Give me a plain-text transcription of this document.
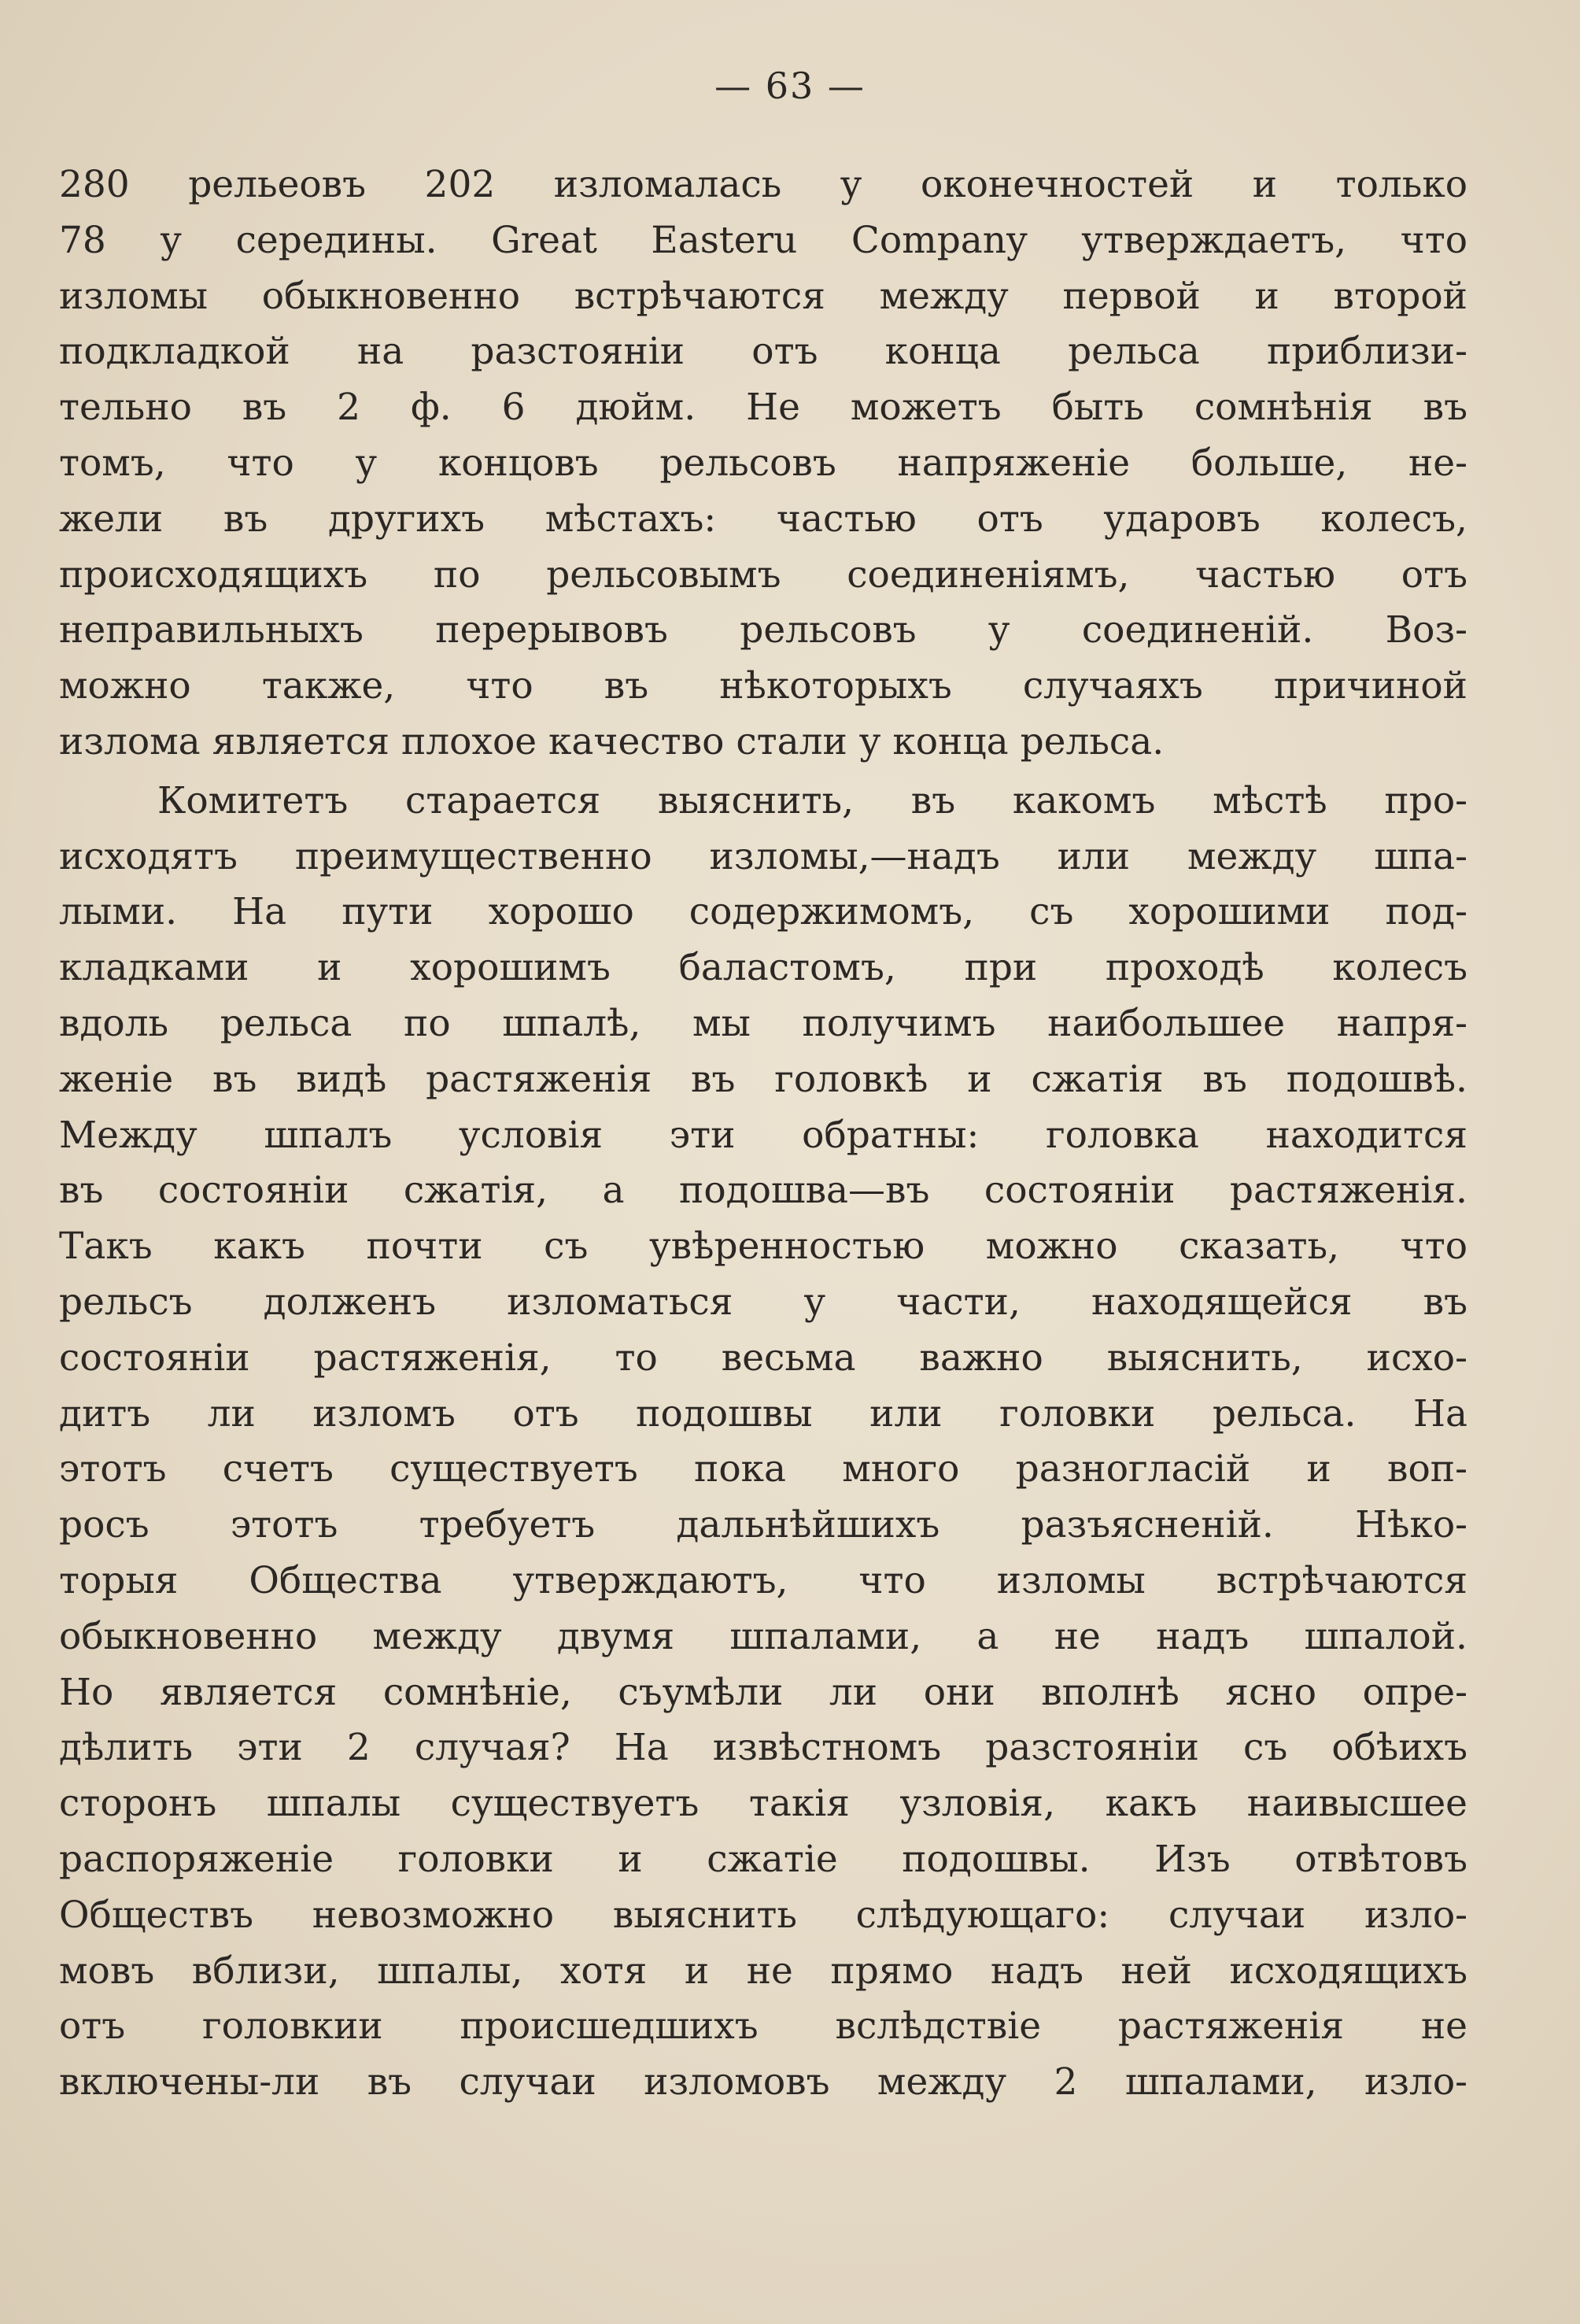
— 63 —
280 рельеовъ 202 изломалась у оконечностей и только
78 у середины. Great Easteru Company утверждаетъ, что
изломы обыкновенно встрѣчаются между первой и второй
подкладкой на разстояніи отъ конца рельса приблизи-
тельно въ 2 ф. 6 дюйм. Не можетъ быть сомнѣнія въ
томъ, что у концовъ рельсовъ напряженіе больше, не-
жели въ другихъ мѣстахъ: частью отъ ударовъ колесъ,
происходящихъ по рельсовымъ соединеніямъ, частью отъ
неправильныхъ перерывовъ рельсовъ у соединеній. Воз-
можно также, что въ нѣкоторыхъ случаяхъ причиной
излома является плохое качество стали у конца рельса.
Комитетъ старается выяснить, въ какомъ мѣстѣ про-
исходятъ преимущественно изломы,—надъ или между шпа-
лыми. На пути хорошо содержимомъ, съ хорошими под-
кладками и хорошимъ баластомъ, при проходѣ колесъ
вдоль рельса по шпалѣ, мы получимъ наибольшее напря-
женіе въ видѣ растяженія въ головкѣ и сжатія въ подошвѣ.
Между шпалъ условія эти обратны: головка находится
въ состояніи сжатія, а подошва—въ состояніи растяженія.
Такъ какъ почти съ увѣренностью можно сказать, что
рельсъ долженъ изломаться у части, находящейся въ
состояніи растяженія, то весьма важно выяснить, исхо-
дитъ ли изломъ отъ подошвы или головки рельса. На
этотъ счетъ существуетъ пока много разногласій и воп-
росъ этотъ требуетъ дальнѣйшихъ разъясненій. Нѣко-
торыя Общества утверждаютъ, что изломы встрѣчаются
обыкновенно между двумя шпалами, а не надъ шпалой.
Но является сомнѣніе, съумѣли ли они вполнѣ ясно опре-
дѣлить эти 2 случая? На извѣстномъ разстояніи съ обѣихъ
сторонъ шпалы существуетъ такія узловія, какъ наивысшее
распоряженіе головки и сжатіе подошвы. Изъ отвѣтовъ
Обществъ невозможно выяснить слѣдующаго: случаи изло-
мовъ вблизи, шпалы, хотя и не прямо надъ ней исходящихъ
отъ головкии происшедшихъ вслѣдствіе растяженія не
включены-ли въ случаи изломовъ между 2 шпалами, изло-
